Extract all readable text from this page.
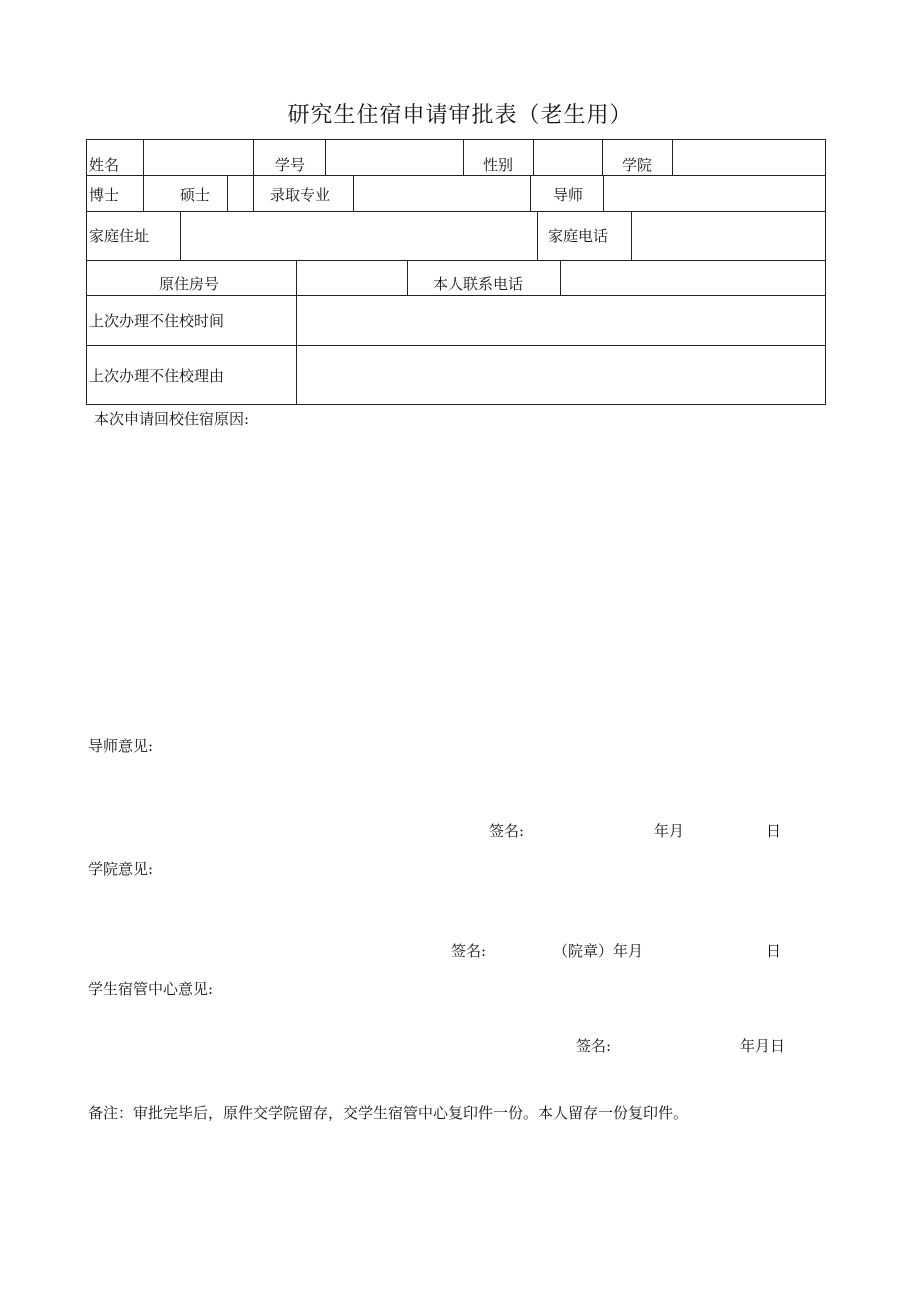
研究生住宿申请审批表（老生用）
姓名	学号	性别	学院
博士	硕士	录取专业	导师
家庭住址	家庭电话
原住房号	本人联系电话
上次办理不住校时间
上次办理不住校理由
本次申请回校住宿原因:
导师意见:
签名:	年月	日
学院意见:
签名:	（院章）年月	日
学生宿管中心意见:
签名:	年月日
备注：审批完毕后，原件交学院留存，交学生宿管中心复印件一份。本人留存一份复印件。
